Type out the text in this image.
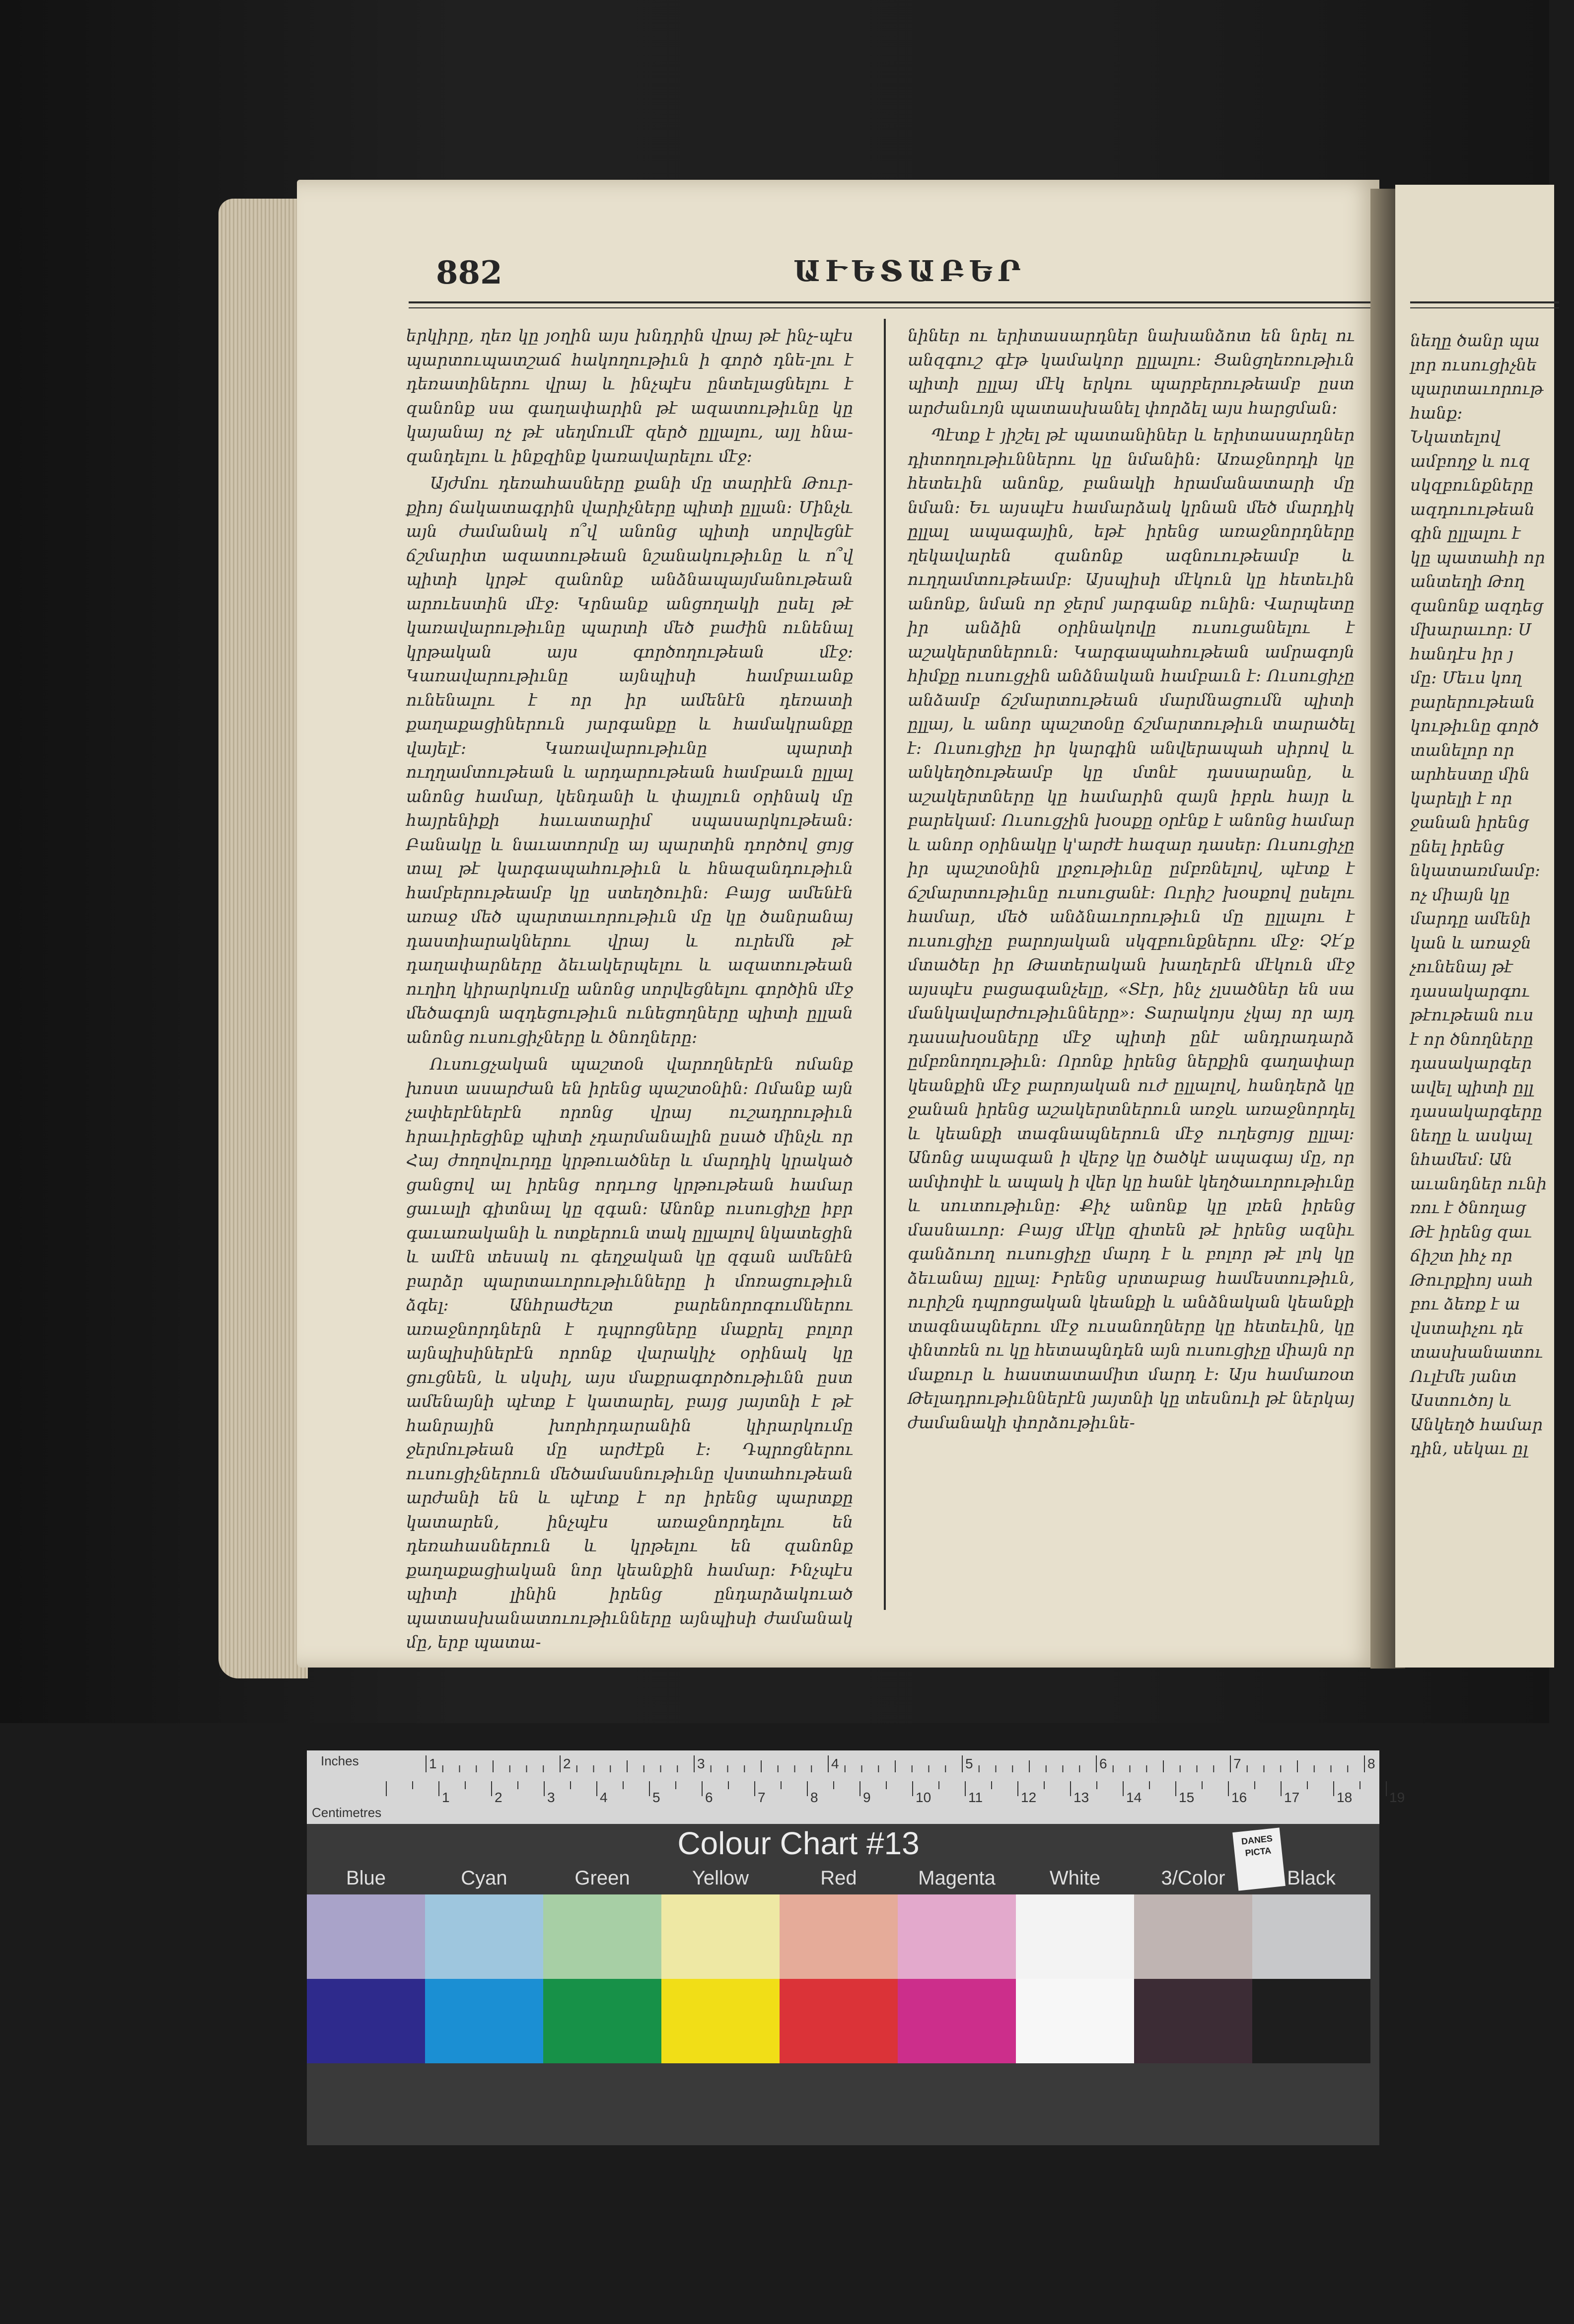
882	ԱՒԵՏԱԲԵՐ

երկիրը, ղեռ կը յօղին այս խնդրին վրայ թէ ինչ-պէս պարտուպատշաճ հակողութիւն ի գործ դնե-լու է դեռատիներու վրայ և ինչպէս ընտելացնելու է զանոնք սա գաղափարին թէ ազատութիւնը կը կայանայ ոչ թէ սեղմումէ զերծ ըլլալու, այլ հնա-զանդելու և ինքզինք կառավարելու մէջ։

Այժմու դեռահասները քանի մը տարիէն Թուր-քիոյ ճակատագրին վարիչները պիտի ըլլան։ Մինչև այն ժամանակ ո՞վ անոնց պիտի սորվեցնէ ճշմարիտ ազատութեան նշանակութիւնը և ո՞վ պիտի կրթէ զանոնք անձնապայմանութեան արուեստին մէջ։ Կրնանք անցողակի ըսել թէ կառավարութիւնը պարտի մեծ բաժին ունենալ կրթական այս գործողութեան մէջ։ Կառավարութիւնը այնպիսի համբաւանք ունենալու է որ իր ամենէն դեռատի քաղաքացիներուն յարգանքը և համակրանքը վայելէ։ Կառավարութիւնը պարտի ուղղամտութեան և արդարութեան համբաւն ըլլալ անոնց համար, կենդանի և փայլուն օրինակ մը հայրենիքի հաւատարիմ սպասարկութեան։ Բանակը և նաւատորմը այ պարտին դործով ցոյց տալ թէ կարգապահութիւն և հնազանդութիւն համբերութեամբ կը ստեղծուին։ Բայց ամենէն առաջ մեծ պարտաւորութիւն մը կը ծանրանայ դաստիարակներու վրայ և ուրեմն թէ դաղափարները ձեւակերպելու և ազատութեան ուղիղ կիրարկումը անոնց սորվեցնելու գործին մէջ մեծագոյն ազդեցութիւն ունեցողները պիտի ըլլան անոնց ուսուցիչները և ծնողները։

Ուսուցչական պաշտօն վարողներէն ոմանք խոստ ասարժան են իրենց պաշտօնին։ Ոմանք այն չափերէներէն որոնց վրայ ուշադրութիւն հրաւիրեցինք պիտի չդարմանալին ըսած մինչև որ Հայ ժողովուրդը կրթուածներ և մարդիկ կրակած ցանցով ալ իրենց որդւոց կրթութեան համար ցաւալի գիտնալ կը զգան։ Անոնք ուսուցիչը իբր գաւառականի և ոտքերուն տակ ըլլալով նկատեցին և ամէն տեսակ ու գեղջական կը զգան ամենէն բարձր պարտաւորութիւնները ի մոռացութիւն ձգել։ Անհրաժեշտ բարենորոգումներու առաջնորդներն է դպրոցները մաքրել բոլոր այնպիսիներէն որոնք վարակիչ օրինակ կը ցուցնեն, և սկսիլ, այս մաքրագործութիւնն ըստ ամենայնի պէտք է կատարել, բայց յայտնի է թէ հանրային խորհրդարանին կիրարկումը ջերմութեան մը արժէքն է։ Դպրոցներու ուսուցիչներուն մեծամասնութիւնը վստահութեան արժանի են և պէտք է որ իրենց պարտքը կատարեն, ինչպէս առաջնորդելու են դեռահասներուն և կրթելու են զանոնք քաղաքացիական նոր կեանքին համար։ Ինչպէս պիտի լինին իրենց ընդարձակուած պատասխանատուութիւնները այնպիսի ժամանակ մը, երբ պատա-

նիներ ու երիտասարդներ նախանձոտ են նրել ու անզգուշ գէթ կամակոր ըլլալու։ Ցանցղեռութիւն պիտի ըլլայ մէկ երկու պարբերութեամբ ըստ արժանւոյն պատասխանել փորձել այս հարցման։

Պէտք է յիշել թէ պատանիներ և երիտասարդներ դիտողութիւններու կը նմանին։ Առաջնորդի կը հետեւին անոնք, բանակի հրամանատարի մը նման։ Եւ այսպէս համարձակ կրնան մեծ մարդիկ ըլլալ ապագային, եթէ իրենց առաջնորդները ղեկավարեն զանոնք ազնուութեամբ և ուղղամտութեամբ։ Այսպիսի մէկուն կը հետեւին անոնք, նման որ ջերմ յարգանք ունին։ Վարպետը իր անձին օրինակովը ուսուցանելու է աշակերտներուն։ Կարգապահութեան ամրագոյն հիմքը ուսուցչին անձնական համբաւն է։ Ուսուցիչը անձամբ ճշմարտութեան մարմնացումն պիտի ըլլայ, և անոր պաշտօնը ճշմարտութիւն տարածել է։ Ուսուցիչը իր կարգին անվերապահ սիրով և անկեղծութեամբ կը մտնէ դասարանը, և աշակերտները կը համարին զայն իբրև հայր և բարեկամ։ Ուսուցչին խօսքը օրէնք է անոնց համար և անոր օրինակը կ'արժէ հազար դասեր։ Ուսուցիչը իր պաշտօնին լրջութիւնը ըմբռնելով, պէտք է ճշմարտութիւնը ուսուցանէ։ Ուրիշ խօսքով ըսելու համար, մեծ անձնաւորութիւն մը ըլլալու է ուսուցիչը բարոյական սկզբունքներու մէջ։ Չէ՛ք մտածեր իր Թատերական խաղերէն մէկուն մէջ այսպէս բացագանչելը, «Տէր, ինչ չլսածներ են սա մանկավարժութիւնները»։ Տարակոյս չկայ որ այդ դասախօսները մէջ պիտի ընէ անդրադարձ ըմբռնողութիւն։ Որոնք իրենց ներքին գաղափար կեանքին մէջ բարոյական ուժ ըլլալով, հանդերձ կը ջանան իրենց աշակերտներուն առջև առաջնորդել և կեանքի տագնապներուն մէջ ուղեցոյց ըլլալ։ Անոնց ապագան ի վերջ կը ծածկէ ապագայ մը, որ ամփոփէ և ապակ ի վեր կը հանէ կեղծաւորութիւնը և սուտութիւնը։ Քիչ անոնք կը լռեն իրենց մասնաւոր։ Բայց մէկը զիտեն թէ իրենց ազնիւ գանձուող ուսուցիչը մարդ է և բոլոր թէ լոկ կը ձեւանայ ըլլալ։ Իրենց սրտաբաց համեստութիւն, ուրիշն դպրոցական կեանքի և անձնական կեանքի տագնապներու մէջ ուսանողները կը հետեւին, կը փնտռեն ու կը հետապնդեն այն ուսուցիչը միայն որ մաքուր և հաստատամիտ մարդ է։ Այս համառօտ Թելադրութիւններէն յայտնի կը տեսնուի թէ ներկայ ժամանակի փորձութիւնե-

նեղը ծանր պա
լոր ուսուցիչնե
պարտաւորութ
հանք։
Նկատելով
ամբողջ և ուզ
սկզբունքները
ազդուութեան
գին ըլլալու է
կը պատահի որ
անտեղի Թող
զանոնք ազդեց
մխարաւոր։ Ս
հանդէս իր յ
մը։ Մեւս կող
բարերութեան
կութիւնը գործ
տանելոր որ
արհեստը մին
կարելի է որ
ջանան իրենց
ընել իրենց
նկատառմամբ։
ոչ միայն կը
մարդը ամենի
կան և առաջն
չունենայ թէ
դասակարգու
թէութեան ուս
է որ ծնողները
դասակարգեր
ավել պիտի ըլլ
դասակարգերը
նեղը և ասկալ
նհամեմ։ Ան
աւանդներ ունի
ռու է ծնողաց
Թէ իրենց զաւ
ճիշտ իհչ որ
Թուրքիոյ սահ
բու ձեռք է ա
վստաիչու դե
տասխանատու
Ուլէմե յանտ
Աստուծոյ և
Անկեղծ համար
դին, սեկաւ ըլ
Inches
Centimetres
1	2	3	4	5	6	7	8
1	2	3	4	5	6	7	8	9	10	11	12	13	14	15	16	17	18	19
Colour Chart #13	DANES PICTA
Blue	Cyan	Green	Yellow	Red	Magenta	White	3/Color	Black
